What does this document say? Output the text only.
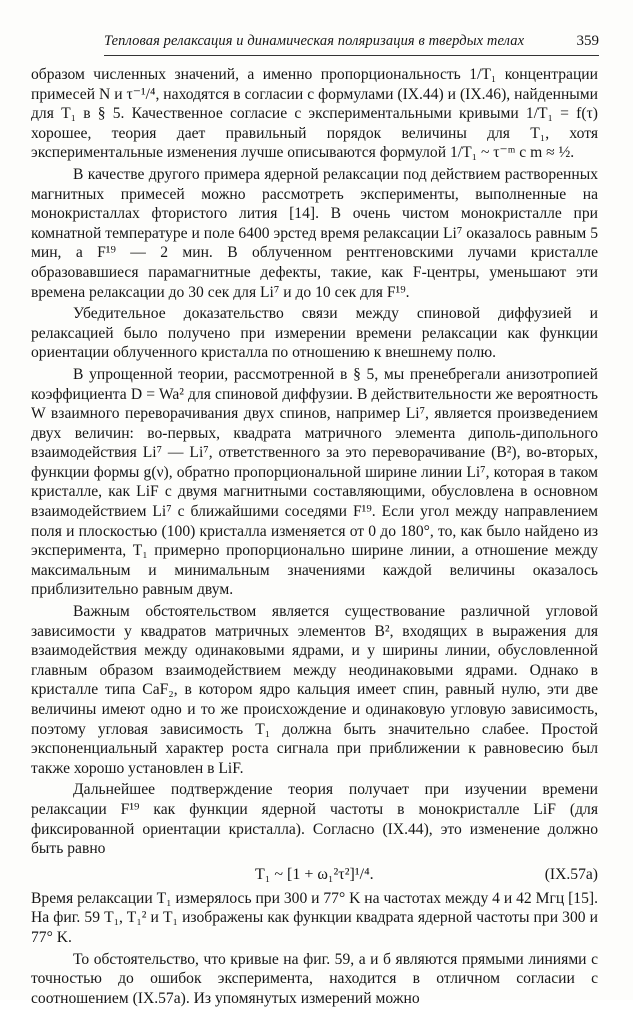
Тепловая релаксация и динамическая поляризация в твердых телах	359

образом численных значений, а именно пропорциональность 1/T₁ концентрации примесей N и τ⁻¹/⁴, находятся в согласии с формулами (IX.44) и (IX.46), найденными для T₁ в § 5. Качественное согласие с экспериментальными кривыми 1/T₁ = f(τ) хорошее, теория дает правильный порядок величины для T₁, хотя экспериментальные изменения лучше описываются формулой 1/T₁ ~ τ⁻ᵐ с m ≈ ½.

В качестве другого примера ядерной релаксации под действием растворенных магнитных примесей можно рассмотреть эксперименты, выполненные на монокристаллах фтористого лития [14]. В очень чистом монокристалле при комнатной температуре и поле 6400 эрстед время релаксации Li⁷ оказалось равным 5 мин, а F¹⁹ — 2 мин. В облученном рентгеновскими лучами кристалле образовавшиеся парамагнитные дефекты, такие, как F-центры, уменьшают эти времена релаксации до 30 сек для Li⁷ и до 10 сек для F¹⁹.

Убедительное доказательство связи между спиновой диффузией и релаксацией было получено при измерении времени релаксации как функции ориентации облученного кристалла по отношению к внешнему полю.

В упрощенной теории, рассмотренной в § 5, мы пренебрегали анизотропией коэффициента D = Wa² для спиновой диффузии. В действительности же вероятность W взаимного переворачивания двух спинов, например Li⁷, является произведением двух величин: во-первых, квадрата матричного элемента диполь-дипольного взаимодействия Li⁷ — Li⁷, ответственного за это переворачивание (B²), во-вторых, функции формы g(ν), обратно пропорциональной ширине линии Li⁷, которая в таком кристалле, как LiF с двумя магнитными составляющими, обусловлена в основном взаимодействием Li⁷ с ближайшими соседями F¹⁹. Если угол между направлением поля и плоскостью (100) кристалла изменяется от 0 до 180°, то, как было найдено из эксперимента, T₁ примерно пропорционально ширине линии, а отношение между максимальным и минимальным значениями каждой величины оказалось приблизительно равным двум.

Важным обстоятельством является существование различной угловой зависимости у квадратов матричных элементов B², входящих в выражения для взаимодействия между одинаковыми ядрами, и у ширины линии, обусловленной главным образом взаимодействием между неодинаковыми ядрами. Однако в кристалле типа CaF₂, в котором ядро кальция имеет спин, равный нулю, эти две величины имеют одно и то же происхождение и одинаковую угловую зависимость, поэтому угловая зависимость T₁ должна быть значительно слабее. Простой экспоненциальный характер роста сигнала при приближении к равновесию был также хорошо установлен в LiF.

Дальнейшее подтверждение теория получает при изучении времени релаксации F¹⁹ как функции ядерной частоты в монокристалле LiF (для фиксированной ориентации кристалла). Согласно (IX.44), это изменение должно быть равно

T₁ ~ [1 + ω₁²τ²]¹/⁴.	(IX.57a)

Время релаксации T₁ измерялось при 300 и 77° K на частотах между 4 и 42 Мгц [15]. На фиг. 59 T₁, T₁² и T₁ изображены как функции квадрата ядерной частоты при 300 и 77° K.

То обстоятельство, что кривые на фиг. 59, а и б являются прямыми линиями с точностью до ошибок эксперимента, находится в отличном согласии с соотношением (IX.57a). Из упомянутых измерений можно
